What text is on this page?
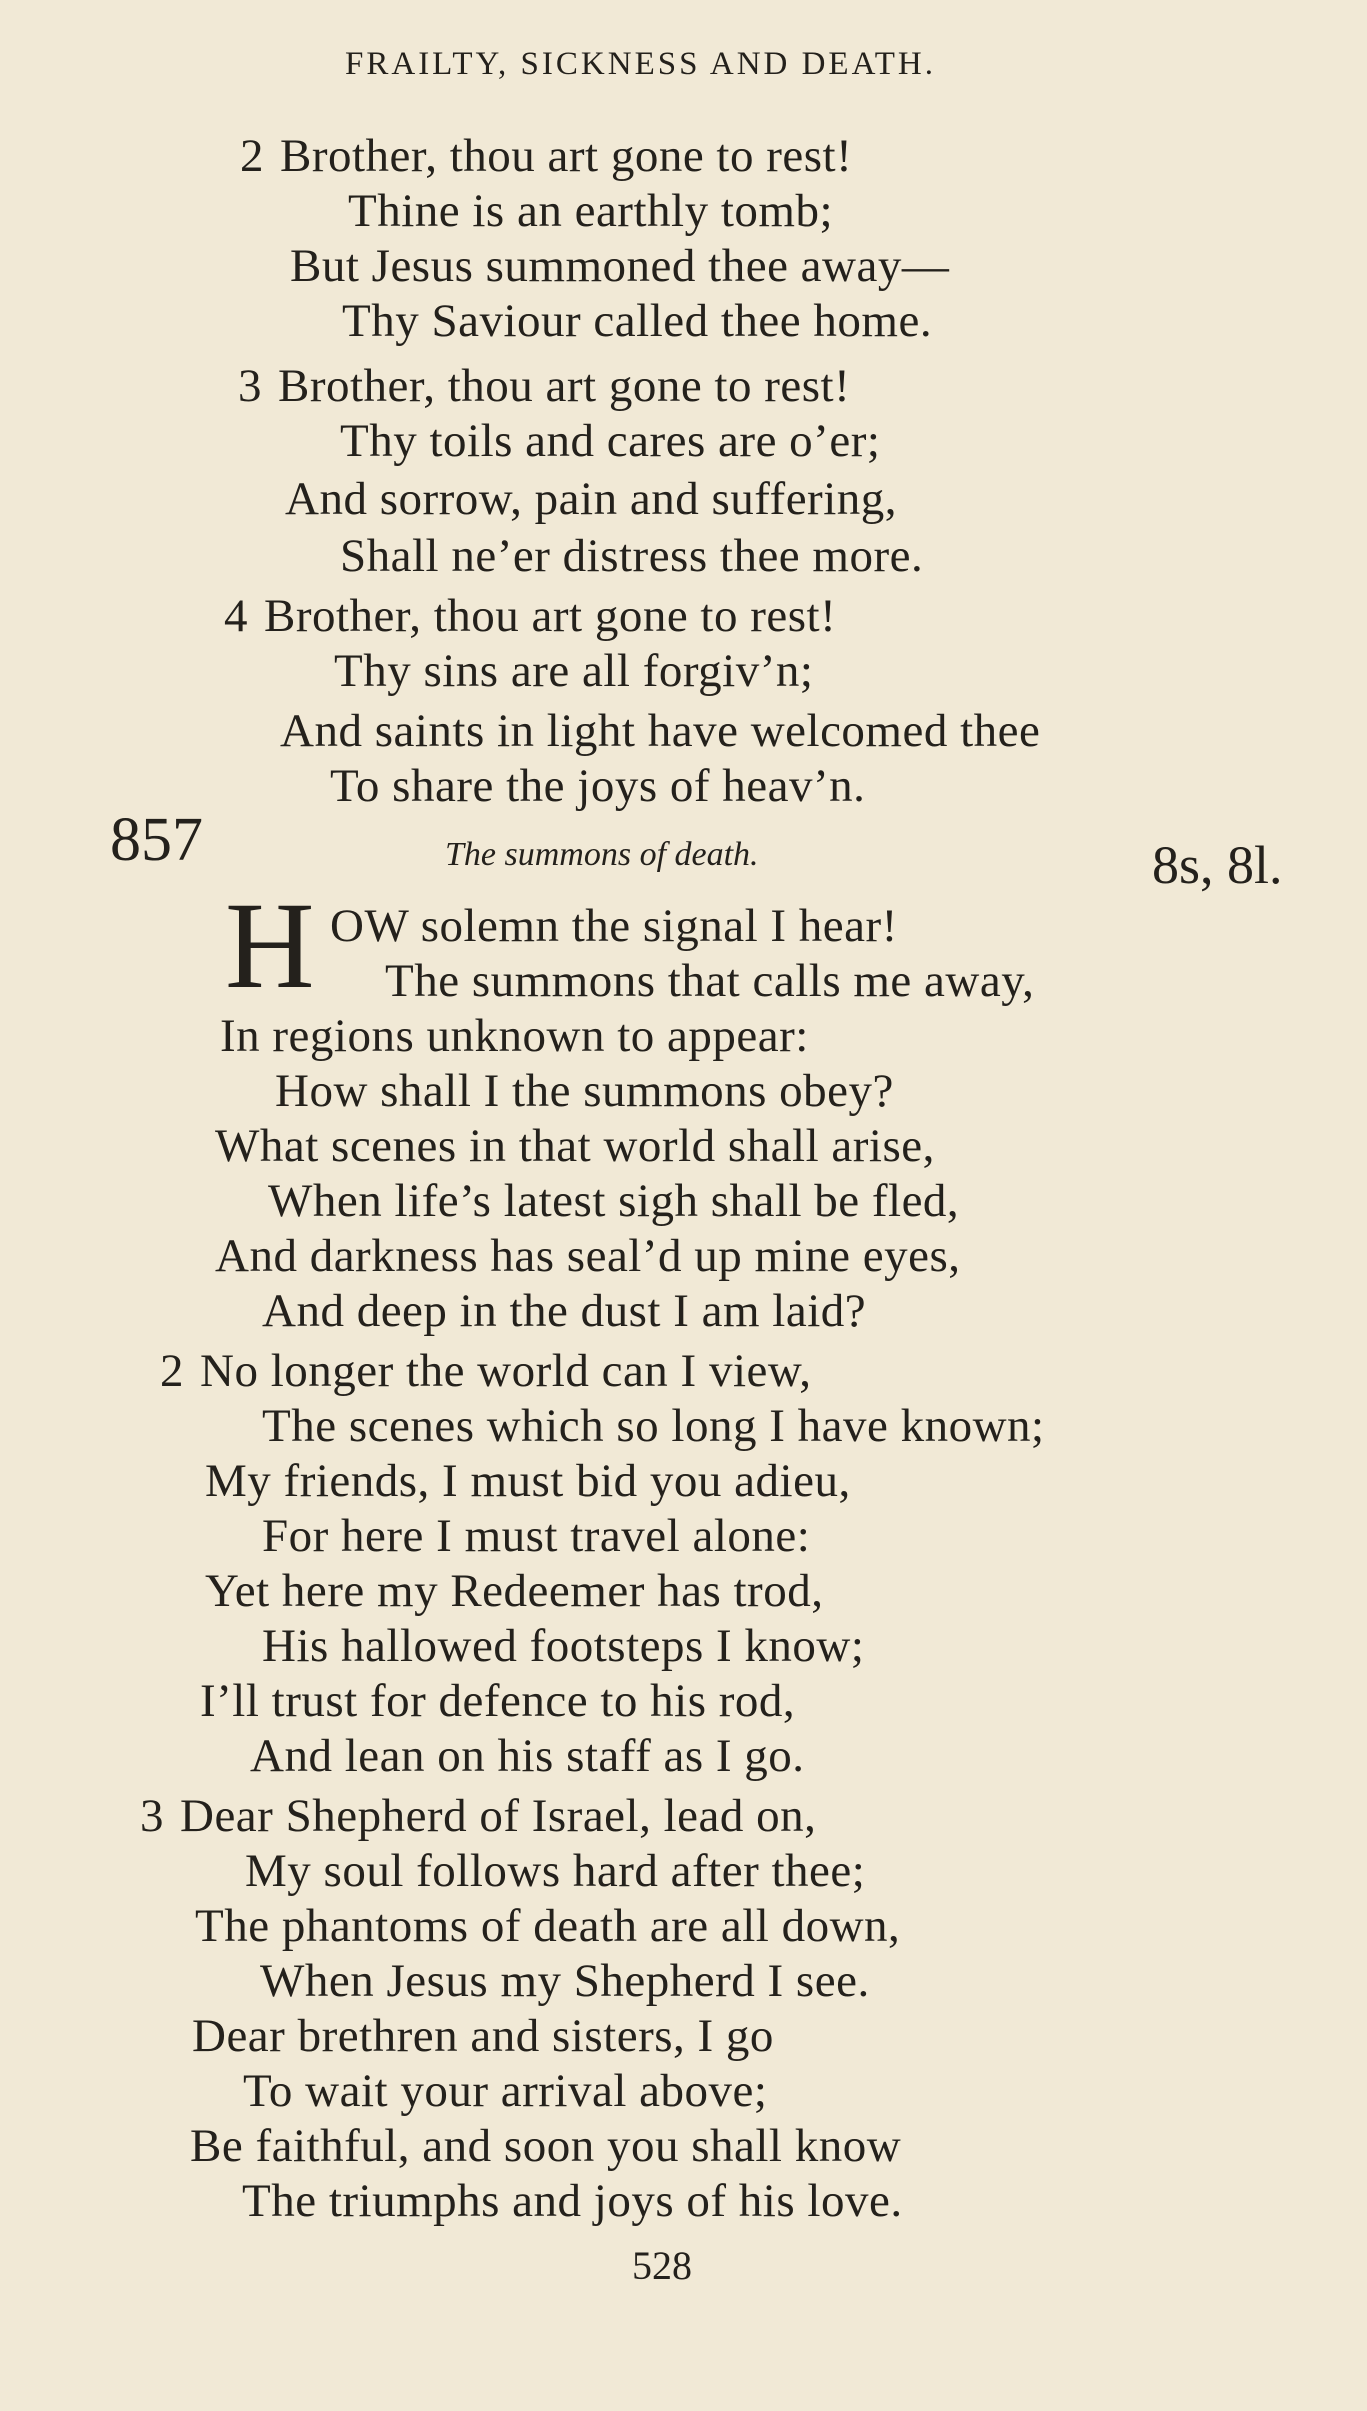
FRAILTY, SICKNESS AND DEATH.
2 Brother, thou art gone to rest!
Thine is an earthly tomb;
But Jesus summoned thee away—
Thy Saviour called thee home.
3 Brother, thou art gone to rest!
Thy toils and cares are o’er;
And sorrow, pain and suffering,
Shall ne’er distress thee more.
4 Brother, thou art gone to rest!
Thy sins are all forgiv’n;
And saints in light have welcomed thee
To share the joys of heav’n.
857	The summons of death.	8s, 8l.
H OW solemn the signal I hear!
The summons that calls me away,
In regions unknown to appear:
How shall I the summons obey?
What scenes in that world shall arise,
When life’s latest sigh shall be fled,
And darkness has seal’d up mine eyes,
And deep in the dust I am laid?
2 No longer the world can I view,
The scenes which so long I have known;
My friends, I must bid you adieu,
For here I must travel alone:
Yet here my Redeemer has trod,
His hallowed footsteps I know;
I’ll trust for defence to his rod,
And lean on his staff as I go.
3 Dear Shepherd of Israel, lead on,
My soul follows hard after thee;
The phantoms of death are all down,
When Jesus my Shepherd I see.
Dear brethren and sisters, I go
To wait your arrival above;
Be faithful, and soon you shall know
The triumphs and joys of his love.
528
